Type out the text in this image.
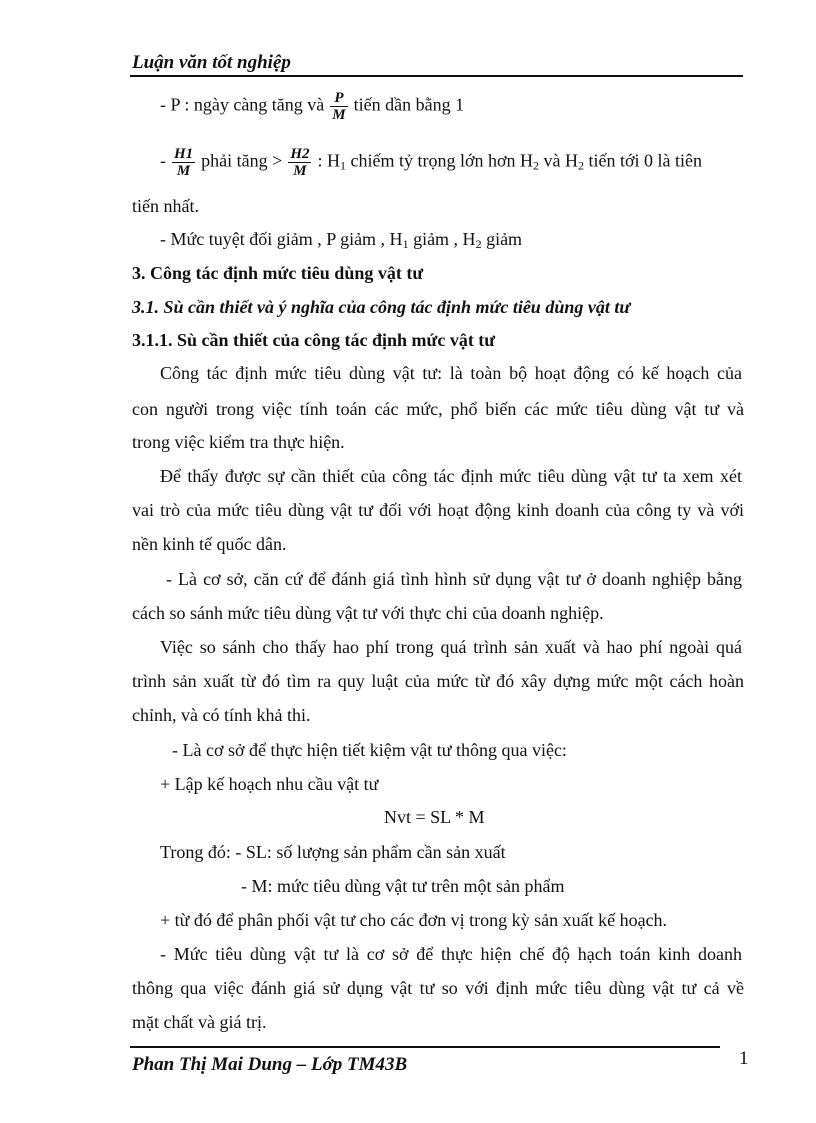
Luận văn tốt nghiệp
- P : ngày càng tăng và $\frac{P}{M}$ tiến dần bằng 1
- $\frac{H1}{M}$ phải tăng > $\frac{H2}{M}$ : $H_1$ chiếm tỷ trọng lớn hơn $H_2$ và $H_2$ tiến tới 0 là tiên
tiến nhất.
- Mức tuyệt đối giảm , P giảm , $H_1$ giảm , $H_2$ giảm
3. Công tác định mức tiêu dùng vật tư
3.1. Sù cần thiết và ý nghĩa của công tác định mức tiêu dùng vật tư
3.1.1. Sù cần thiết của công tác định mức vật tư
Công tác định mức tiêu dùng vật tư: là toàn bộ hoạt động có kế hoạch của
con người trong việc tính toán các mức, phổ biến các mức tiêu dùng vật tư và
trong việc kiểm tra thực hiện.
Để thấy được sự cần thiết của công tác định mức tiêu dùng vật tư ta xem xét
vai trò của mức tiêu dùng vật tư đối với hoạt động kinh doanh của công ty và với
nền kinh tế quốc dân.
- Là cơ sở, căn cứ để đánh giá tình hình sử dụng vật tư ở doanh nghiệp bằng
cách so sánh mức tiêu dùng vật tư với thực chi của doanh nghiệp.
Việc so sánh cho thấy hao phí trong quá trình sản xuất và hao phí ngoài quá
trình sản xuất từ đó tìm ra quy luật của mức từ đó xây dựng mức một cách hoàn
chỉnh, và có tính khả thi.
- Là cơ sở để thực hiện tiết kiệm vật tư thông qua việc:
+ Lập kế hoạch nhu cầu vật tư
Nvt = SL * M
Trong đó: - SL: số lượng sản phẩm cần sản xuất
- M: mức tiêu dùng vật tư trên một sản phẩm
+ từ đó để phân phối vật tư cho các đơn vị trong kỳ sản xuất kế hoạch.
- Mức tiêu dùng vật tư là cơ sở để thực hiện chế độ hạch toán kinh doanh
thông qua việc đánh giá sử dụng vật tư so với định mức tiêu dùng vật tư cả về
mặt chất và giá trị.
Phan Thị Mai Dung – Lớp TM43B	1
